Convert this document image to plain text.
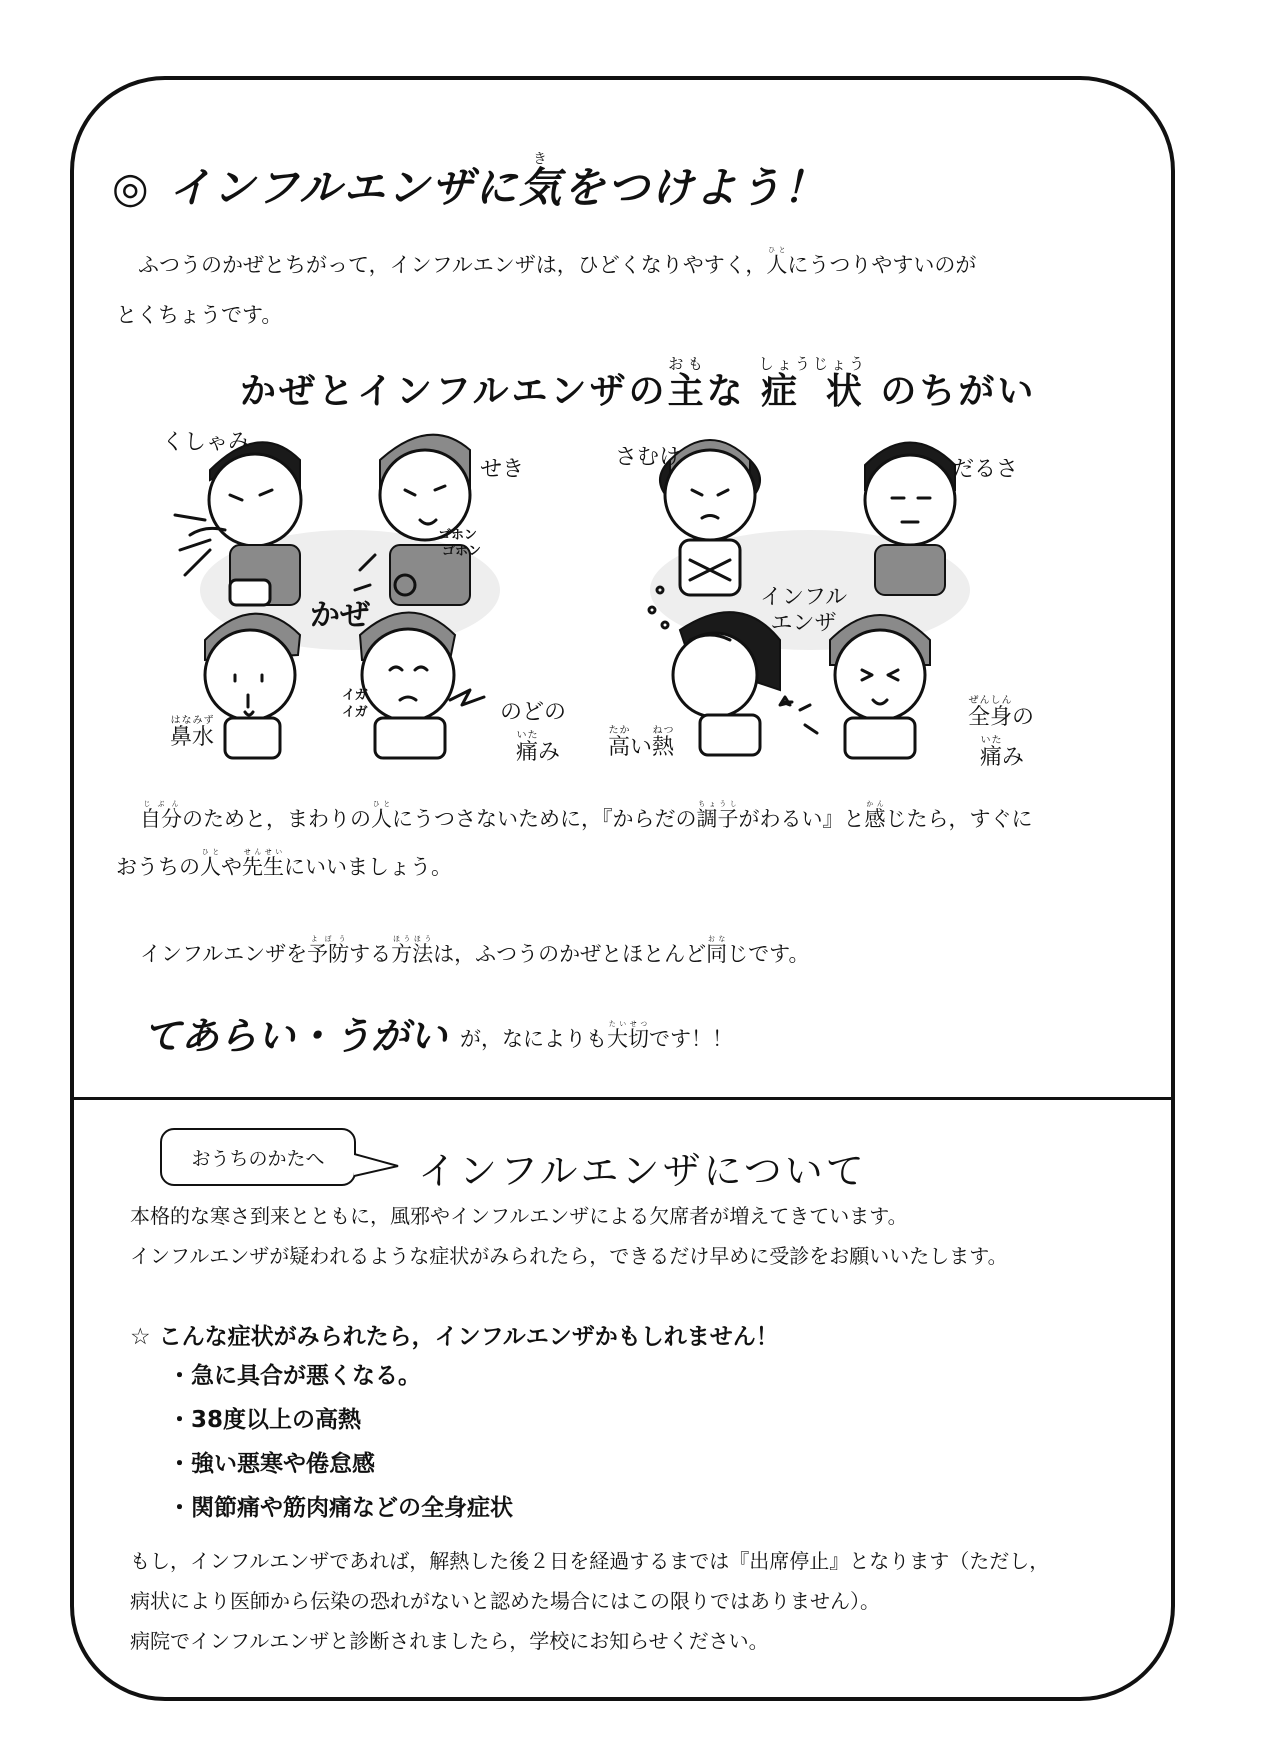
◎ インフルエンザに気きをつけよう！
ふつうのかぜとちがって，インフルエンザは，ひどくなりやすく，人ひとにうつりやすいのが
とくちょうです。
かぜとインフルエンザの主おもな 症 状しょうじょう のちがい
くしゃみ
せき
ゴホン
ゴホン
かぜ
鼻水はなみず
イガ
イガ	のどの
痛いたみ
さむけ	だるさ
インフル
エンザ
高たかい熱ねつ
全身ぜんしんの
痛いたみ
自分じぶんのためと，まわりの人ひとにうつさないために，『からだの調子ちょうしがわるい』と感かんじたら，すぐに
おうちの人ひとや先生せんせいにいいましょう。
インフルエンザを予防よぼうする方法ほうほうは，ふつうのかぜとほとんど同おなじです。
てあらい・うがい が，なによりも大切たいせつです！！
おうちのかたへ	インフルエンザについて
本格的な寒さ到来とともに，風邪やインフルエンザによる欠席者が増えてきています。
インフルエンザが疑われるような症状がみられたら，できるだけ早めに受診をお願いいたします。
☆ こんな症状がみられたら，インフルエンザかもしれません！
・急に具合が悪くなる。
・38度以上の高熱
・強い悪寒や倦怠感
・関節痛や筋肉痛などの全身症状
もし，インフルエンザであれば，解熱した後２日を経過するまでは『出席停止』となります（ただし，
病状により医師から伝染の恐れがないと認めた場合にはこの限りではありません）。
病院でインフルエンザと診断されましたら，学校にお知らせください。
